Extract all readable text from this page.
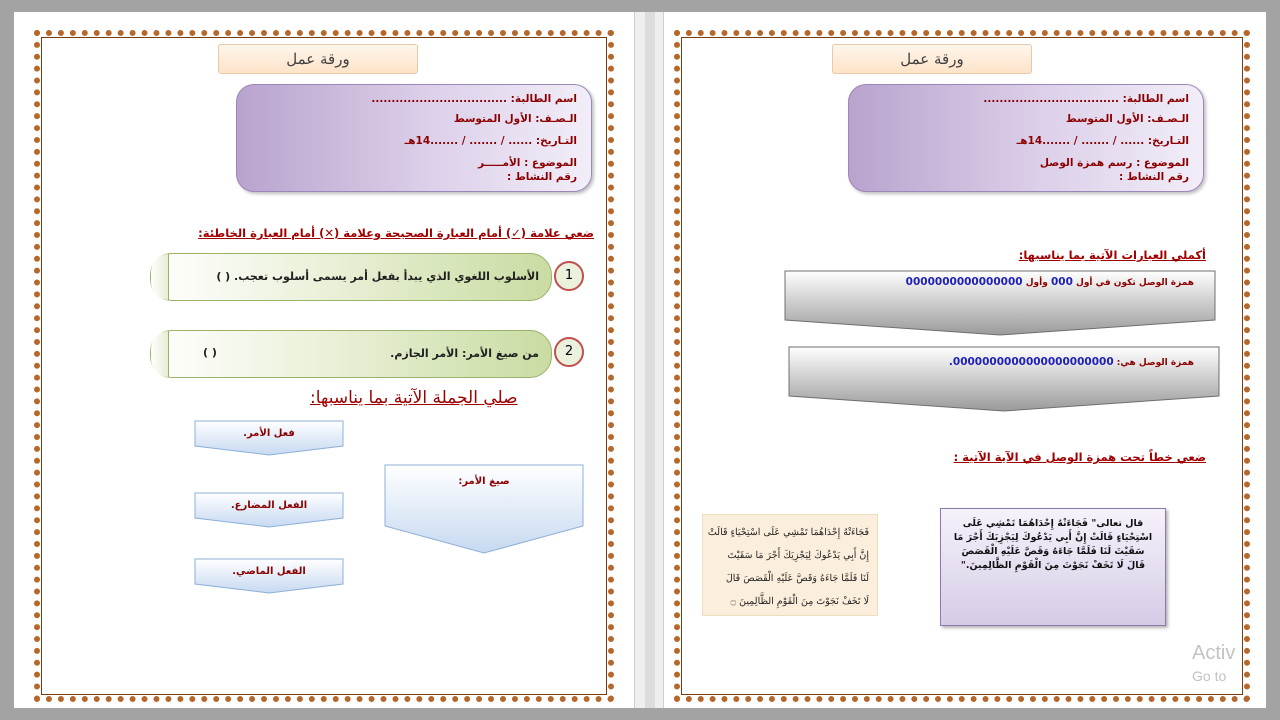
ورقة عمل
اسم الطالبة: ..................................
الـصـف: الأول المتوسط
التـاريخ: ...... / ....... / .......14هـ
الموضوع : الأمـــــر
رقم النشاط :
ضعي علامة (✓) أمام العبارة الصحيحة وعلامة (✕) أمام العبارة الخاطئة:
الأسلوب اللغوي الذي يبدأ بفعل أمر يسمى أسلوب تعجب. ( )	1
من صيغ الأمر: الأمر الجازم.
( )	2
صلي الجملة الآتية بما يناسبها:
فعل الأمر.
الفعل المضارع.
الفعل الماضي.
صيغ الأمر:
ورقة عمل
اسم الطالبة: ..................................
الـصـف: الأول المتوسط
التـاريخ: ...... / ....... / .......14هـ
الموضوع : رسم همزة الوصل
رقم النشاط :
أكملي العبارات الآتية بما يناسبها:
همزة الوصل تكون في أول 000 وأول 0000000000000000
همزة الوصل هي: 0000000000000000000000.
ضعي خطاً تحت همزة الوصل في الآية الآتية :
قال تعالى" فَجَاءَتْهُ إِحْدَاهُمَا تَمْشِي عَلَى اسْتِحْيَاءٍ قَالَتْ إِنَّ أَبِي يَدْعُوكَ لِيَجْزِيَكَ أَجْرَ مَا سَقَيْتَ لَنَا فَلَمَّا جَاءَهُ وَقَصَّ عَلَيْهِ الْقَصَصَ قَالَ لَا تَخَفْ نَجَوْتَ مِنَ الْقَوْمِ الظَّالِمِينَ."
فَجَاءَتْهُ إِحْدَاهُمَا تَمْشِي عَلَى اسْتِحْيَاءٍ قَالَتْ
إِنَّ أَبِي يَدْعُوكَ لِيَجْزِيَكَ أَجْرَ مَا سَقَيْتَ
لَنَا فَلَمَّا جَاءَهُ وَقَصَّ عَلَيْهِ الْقَصَصَ قَالَ
لَا تَخَفْ نَجَوْتَ مِنَ الْقَوْمِ الظَّالِمِينَ ۝
Activ
Go to
